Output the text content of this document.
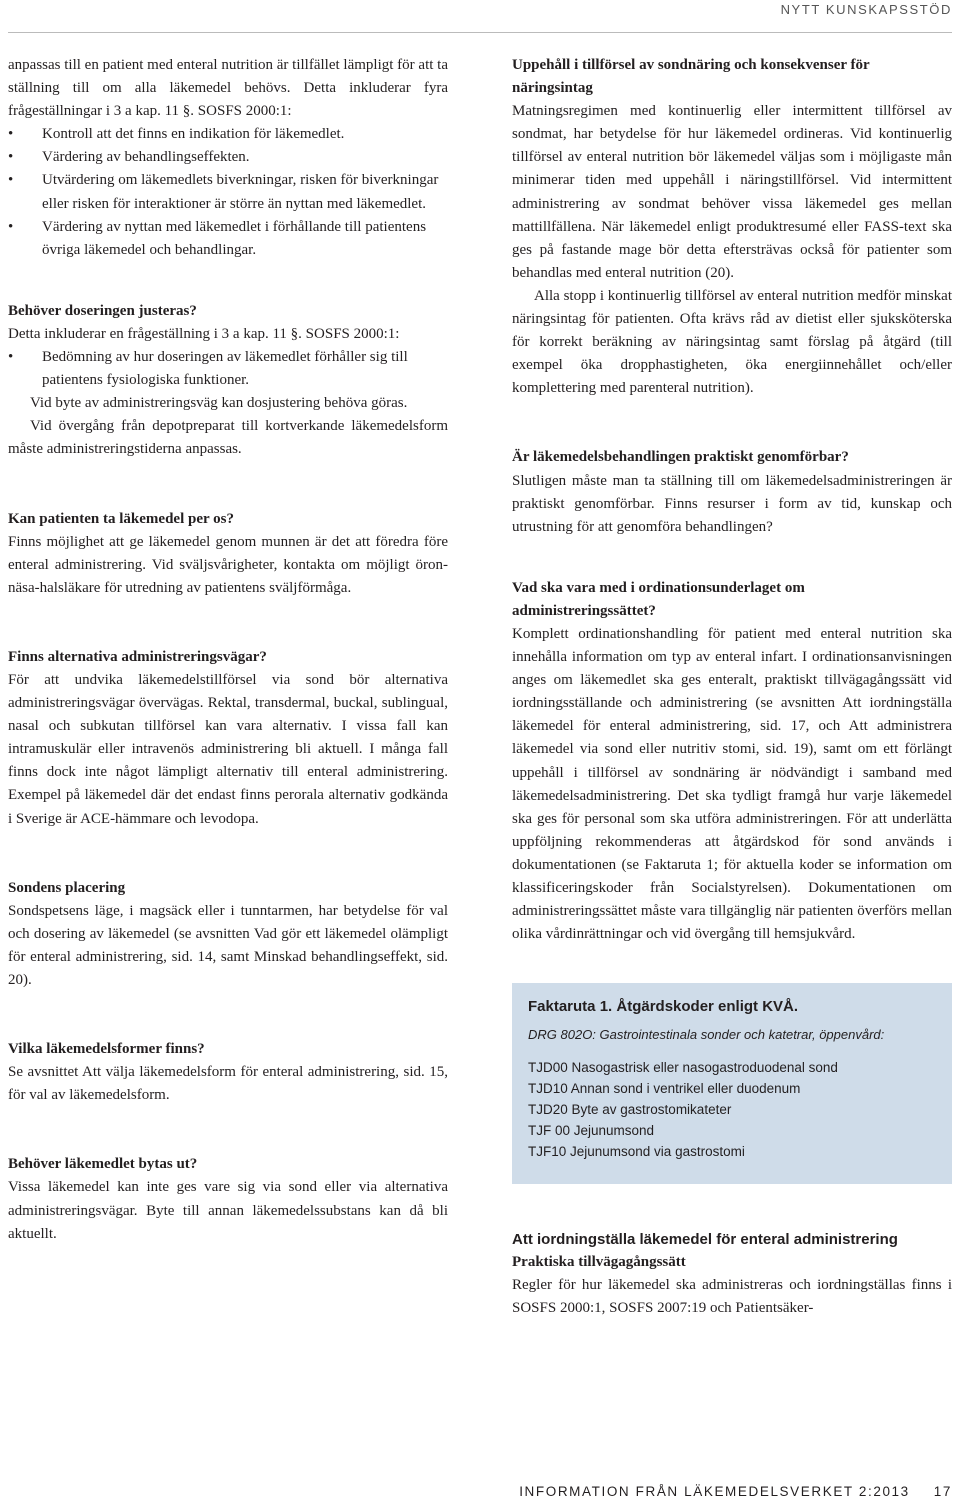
NYTT KUNSKAPSSTÖD

anpassas till en patient med enteral nutrition är tillfället lämpligt för att ta ställning till om alla läkemedel behövs. Detta inkluderar fyra frågeställningar i 3 a kap. 11 §. SOSFS 2000:1:

• Kontroll att det finns en indikation för läkemedlet.
• Värdering av behandlingseffekten.
• Utvärdering om läkemedlets biverkningar, risken för biverkningar eller risken för interaktioner är större än nyttan med läkemedlet.
• Värdering av nyttan med läkemedlet i förhållande till patientens övriga läkemedel och behandlingar.
Behöver doseringen justeras?

Detta inkluderar en frågeställning i 3 a kap. 11 §. SOSFS 2000:1:

• Bedömning av hur doseringen av läkemedlet förhåller sig till patientens fysiologiska funktioner.

Vid byte av administreringsväg kan dosjustering behöva göras.

Vid övergång från depotpreparat till kortverkande läkemedelsform måste administreringstiderna anpassas.

Kan patienten ta läkemedel per os?

Finns möjlighet att ge läkemedel genom munnen är det att föredra före enteral administrering. Vid sväljsvårigheter, kontakta om möjligt öron-näsa-halsläkare för utredning av patientens sväljförmåga.

Finns alternativa administreringsvägar?

För att undvika läkemedelstillförsel via sond bör alternativa administreringsvägar övervägas. Rektal, transdermal, buckal, sublingual, nasal och subkutan tillförsel kan vara alternativ. I vissa fall kan intramuskulär eller intravenös administrering bli aktuell. I många fall finns dock inte något lämpligt alternativ till enteral administrering. Exempel på läkemedel där det endast finns perorala alternativ godkända i Sverige är ACE-hämmare och levodopa.

Sondens placering

Sondspetsens läge, i magsäck eller i tunntarmen, har betydelse för val och dosering av läkemedel (se avsnitten Vad gör ett läkemedel olämpligt för enteral administrering, sid. 14, samt Minskad behandlingseffekt, sid. 20).

Vilka läkemedelsformer finns?

Se avsnittet Att välja läkemedelsform för enteral administrering, sid. 15, för val av läkemedelsform.

Behöver läkemedlet bytas ut?

Vissa läkemedel kan inte ges vare sig via sond eller via alternativa administreringsvägar. Byte till annan läkemedelssubstans kan då bli aktuellt.

Uppehåll i tillförsel av sondnäring och konsekvenser för näringsintag

Matningsregimen med kontinuerlig eller intermittent tillförsel av sondmat, har betydelse för hur läkemedel ordineras. Vid kontinuerlig tillförsel av enteral nutrition bör läkemedel väljas som i möjligaste mån minimerar tiden med uppehåll i näringstillförsel. Vid intermittent administrering av sondmat behöver vissa läkemedel ges mellan mattillfällena. När läkemedel enligt produktresumé eller FASS-text ska ges på fastande mage bör detta eftersträvas också för patienter som behandlas med enteral nutrition (20).

Alla stopp i kontinuerlig tillförsel av enteral nutrition medför minskat näringsintag för patienten. Ofta krävs råd av dietist eller sjuksköterska för korrekt beräkning av näringsintag samt förslag på åtgärd (till exempel öka dropphastigheten, öka energiinnehållet och/eller komplettering med parenteral nutrition).

Är läkemedelsbehandlingen praktiskt genomförbar?

Slutligen måste man ta ställning till om läkemedelsadministreringen är praktiskt genomförbar. Finns resurser i form av tid, kunskap och utrustning för att genomföra behandlingen?

Vad ska vara med i ordinationsunderlaget om administreringssättet?

Komplett ordinationshandling för patient med enteral nutrition ska innehålla information om typ av enteral infart. I ordinationsanvisningen anges om läkemedlet ska ges enteralt, praktiskt tillvägagångssätt vid iordningsställande och administrering (se avsnitten Att iordningställa läkemedel för enteral administrering, sid. 17, och Att administrera läkemedel via sond eller nutritiv stomi, sid. 19), samt om ett förlängt uppehåll i tillförsel av sondnäring är nödvändigt i samband med läkemedelsadministrering. Det ska tydligt framgå hur varje läkemedel ska ges för personal som ska utföra administreringen. För att underlätta uppföljning rekommenderas att åtgärdskod för sond används i dokumentationen (se Faktaruta 1; för aktuella koder se information om klassificeringskoder från Socialstyrelsen). Dokumentationen om administreringssättet måste vara tillgänglig när patienten överförs mellan olika vårdinrättningar och vid övergång till hemsjukvård.

Faktaruta 1. Åtgärdskoder enligt KVÅ.
DRG 802O: Gastrointestinala sonder och katetrar, öppenvård:
TJD00 Nasogastrisk eller nasogastroduodenal sond
TJD10 Annan sond i ventrikel eller duodenum
TJD20 Byte av gastrostomikateter
TJF 00 Jejunumsond
TJF10 Jejunumsond via gastrostomi
Att iordningställa läkemedel för enteral administrering
Praktiska tillvägagångssätt

Regler för hur läkemedel ska administreras och iordningställas finns i SOSFS 2000:1, SOSFS 2007:19 och Patientsäker-

INFORMATION FRÅN LÄKEMEDELSVERKET 2:2013 17
